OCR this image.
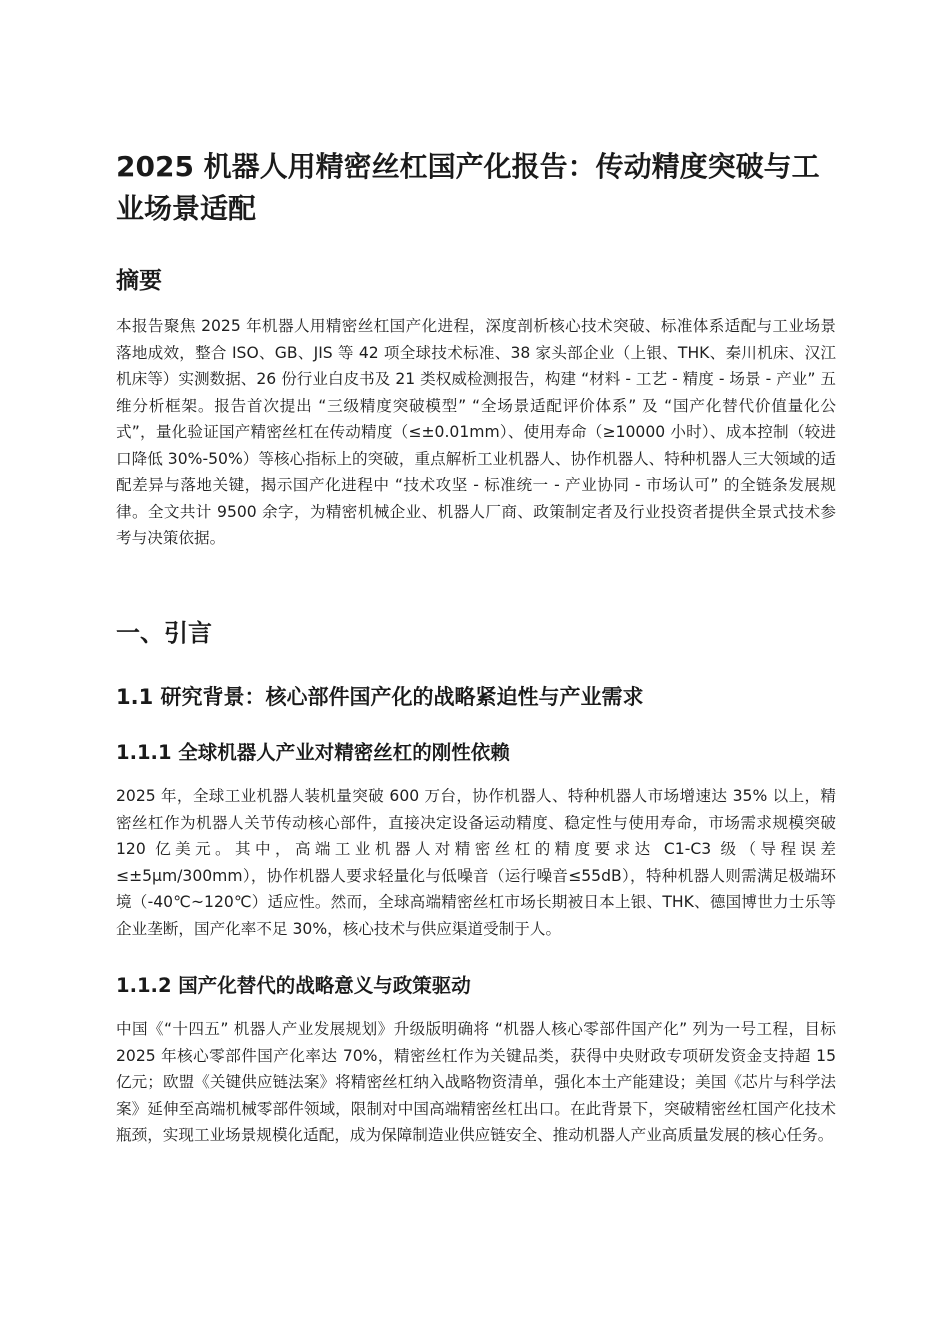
2025 机器人用精密丝杠国产化报告：传动精度突破与工业场景适配
摘要

本报告聚焦 2025 年机器人用精密丝杠国产化进程，深度剖析核心技术突破、标准体系适配与工业场景落地成效，整合 ISO、GB、JIS 等 42 项全球技术标准、38 家头部企业（上银、THK、秦川机床、汉江机床等）实测数据、26 份行业白皮书及 21 类权威检测报告，构建 “材料 - 工艺 - 精度 - 场景 - 产业” 五维分析框架。报告首次提出 “三级精度突破模型” “全场景适配评价体系” 及 “国产化替代价值量化公式”，量化验证国产精密丝杠在传动精度（≤±0.01mm）、使用寿命（≥10000 小时）、成本控制（较进口降低 30%-50%）等核心指标上的突破，重点解析工业机器人、协作机器人、特种机器人三大领域的适配差异与落地关键，揭示国产化进程中 “技术攻坚 - 标准统一 - 产业协同 - 市场认可” 的全链条发展规律。全文共计 9500 余字，为精密机械企业、机器人厂商、政策制定者及行业投资者提供全景式技术参考与决策依据。

一、引言
1.1 研究背景：核心部件国产化的战略紧迫性与产业需求
1.1.1 全球机器人产业对精密丝杠的刚性依赖

2025 年，全球工业机器人装机量突破 600 万台，协作机器人、特种机器人市场增速达 35% 以上，精密丝杠作为机器人关节传动核心部件，直接决定设备运动精度、稳定性与使用寿命，市场需求规模突破 120 亿美元。其中，高端工业机器人对精密丝杠的精度要求达 C1-C3 级（导程误差≤±5μm/300mm），协作机器人要求轻量化与低噪音（运行噪音≤55dB），特种机器人则需满足极端环境（-40℃~120℃）适应性。然而，全球高端精密丝杠市场长期被日本上银、THK、德国博世力士乐等企业垄断，国产化率不足 30%，核心技术与供应渠道受制于人。

1.1.2 国产化替代的战略意义与政策驱动

中国《“十四五” 机器人产业发展规划》升级版明确将 “机器人核心零部件国产化” 列为一号工程，目标 2025 年核心零部件国产化率达 70%，精密丝杠作为关键品类，获得中央财政专项研发资金支持超 15 亿元；欧盟《关键供应链法案》将精密丝杠纳入战略物资清单，强化本土产能建设；美国《芯片与科学法案》延伸至高端机械零部件领域，限制对中国高端精密丝杠出口。在此背景下，突破精密丝杠国产化技术瓶颈，实现工业场景规模化适配，成为保障制造业供应链安全、推动机器人产业高质量发展的核心任务。
